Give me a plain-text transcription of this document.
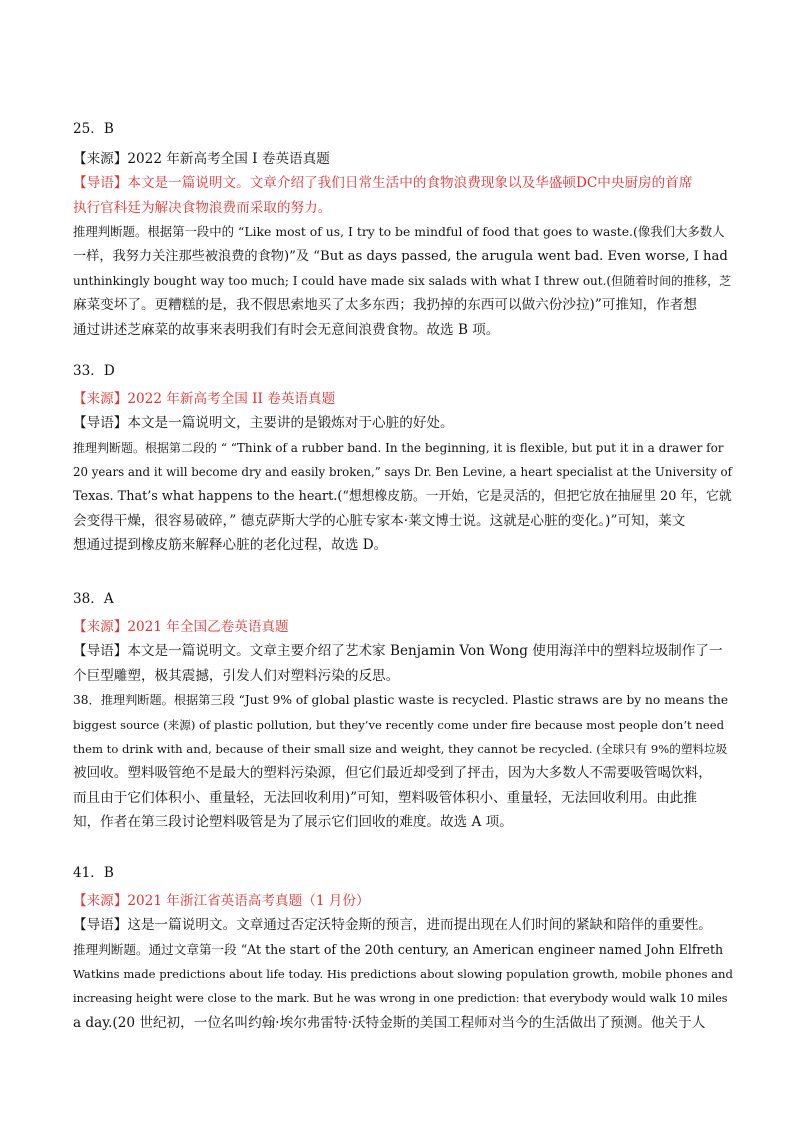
25．B
【来源】2022 年新高考全国 I 卷英语真题
【导语】本文是一篇说明文。文章介绍了我们日常生活中的食物浪费现象以及华盛顿DC中央厨房的首席
执行官科廷为解决食物浪费而采取的努力。
推理判断题。根据第一段中的 “Like most of us, I try to be mindful of food that goes to waste.(像我们大多数人
一样，我努力关注那些被浪费的食物)”及 “But as days passed, the arugula went bad. Even worse, I had
unthinkingly bought way too much; I could have made six salads with what I threw out.(但随着时间的推移，芝
麻菜变坏了。更糟糕的是，我不假思索地买了太多东西；我扔掉的东西可以做六份沙拉)”可推知，作者想
通过讲述芝麻菜的故事来表明我们有时会无意间浪费食物。故选 B 项。
33．D
【来源】2022 年新高考全国 II 卷英语真题
【导语】本文是一篇说明文，主要讲的是锻炼对于心脏的好处。
推理判断题。根据第二段的 “ “Think of a rubber band. In the beginning, it is flexible, but put it in a drawer for
20 years and it will become dry and easily broken,” says Dr. Ben Levine, a heart specialist at the University of
Texas. That’s what happens to the heart.(“想想橡皮筋。一开始，它是灵活的，但把它放在抽屉里 20 年，它就
会变得干燥，很容易破碎，” 德克萨斯大学的心脏专家本·莱文博士说。这就是心脏的变化。)”可知，莱文
想通过提到橡皮筋来解释心脏的老化过程，故选 D。
38．A
【来源】2021 年全国乙卷英语真题
【导语】本文是一篇说明文。文章主要介绍了艺术家 Benjamin Von Wong 使用海洋中的塑料垃圾制作了一
个巨型雕塑，极其震撼，引发人们对塑料污染的反思。
38．推理判断题。根据第三段 “Just 9% of global plastic waste is recycled. Plastic straws are by no means the
biggest source (来源) of plastic pollution, but they’ve recently come under fire because most people don’t need
them to drink with and, because of their small size and weight, they cannot be recycled. (全球只有 9%的塑料垃圾
被回收。塑料吸管绝不是最大的塑料污染源，但它们最近却受到了抨击，因为大多数人不需要吸管喝饮料，
而且由于它们体积小、重量轻，无法回收利用)”可知，塑料吸管体积小、重量轻，无法回收利用。由此推
知，作者在第三段讨论塑料吸管是为了展示它们回收的难度。故选 A 项。
41．B
【来源】2021 年浙江省英语高考真题（1 月份）
【导语】这是一篇说明文。文章通过否定沃特金斯的预言，进而提出现在人们时间的紧缺和陪伴的重要性。
推理判断题。通过文章第一段 “At the start of the 20th century, an American engineer named John Elfreth
Watkins made predictions about life today. His predictions about slowing population growth, mobile phones and
increasing height were close to the mark. But he was wrong in one prediction: that everybody would walk 10 miles
a day.(20 世纪初，一位名叫约翰·埃尔弗雷特·沃特金斯的美国工程师对当今的生活做出了预测。他关于人
